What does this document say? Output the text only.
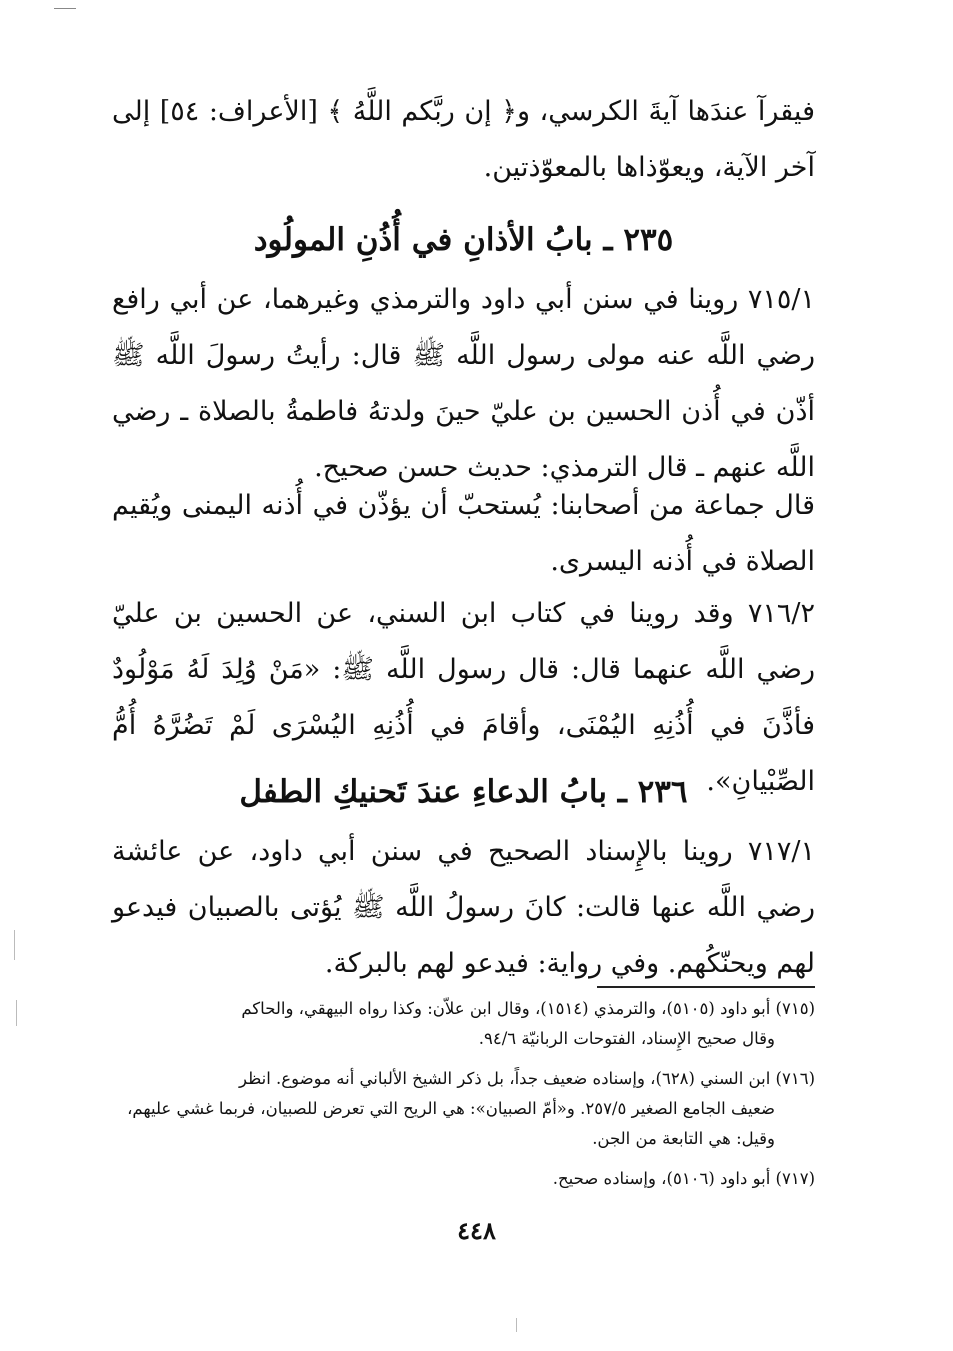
فيقرآ عندَها آيةَ الكرسي، و﴿ إن ربَّكم اللَّهُ ﴾ [الأعراف: ٥٤] إلى آخر الآية، ويعوّذاها بالمعوّذتين.
٢٣٥ ـ بابُ الأذانِ في أُذُنِ المولُود
٧١٥/١ روينا في سنن أبي داود والترمذي وغيرهما، عن أبي رافع رضي اللَّه عنه مولى رسول اللَّه ﷺ قال: رأيتُ رسولَ اللَّه ﷺ أذّن في أُذن الحسين بن عليّ حينَ ولدتهُ فاطمةُ بالصلاة ـ رضي اللَّه عنهم ـ قال الترمذي: حديث حسن صحيح.
قال جماعة من أصحابنا: يُستحبّ أن يؤذّن في أُذنه اليمنى ويُقيم الصلاة في أُذنه اليسرى.
٧١٦/٢ وقد روينا في كتاب ابن السني، عن الحسين بن عليّ رضي اللَّه عنهما قال: قال رسول اللَّه ﷺ: «مَنْ وُلِدَ لَهُ مَوْلُودٌ فأذَّنَ في أُذُنِهِ اليُمْنَى، وأقامَ في أُذُنِهِ اليُسْرَى لَمْ تَضُرَّهُ أُمُّ الصِّبْيانِ».
٢٣٦ ـ بابُ الدعاءِ عندَ تَحنيكِ الطفل
٧١٧/١ روينا بالإِسناد الصحيح في سنن أبي داود، عن عائشة رضي اللَّه عنها قالت: كانَ رسولُ اللَّه ﷺ يُؤتى بالصبيان فيدعو لهم ويحنّكُهم. وفي رواية: فيدعو لهم بالبركة.
(٧١٥) أبو داود (٥١٠٥)، والترمذي (١٥١٤)، وقال ابن علاّن: وكذا رواه البيهقي، والحاكم
وقال صحيح الإِسناد، الفتوحات الربانيّة ٩٤/٦.
(٧١٦) ابن السني (٦٢٨)، وإسناده ضعيف جداً، بل ذكر الشيخ الألباني أنه موضوع. انظر
ضعيف الجامع الصغير ٢٥٧/٥. و«أمّ الصبيان»: هي الريح التي تعرض للصبيان، فربما غشي عليهم، وقيل: هي التابعة من الجن.
(٧١٧) أبو داود (٥١٠٦)، وإسناده صحيح.
٤٤٨
